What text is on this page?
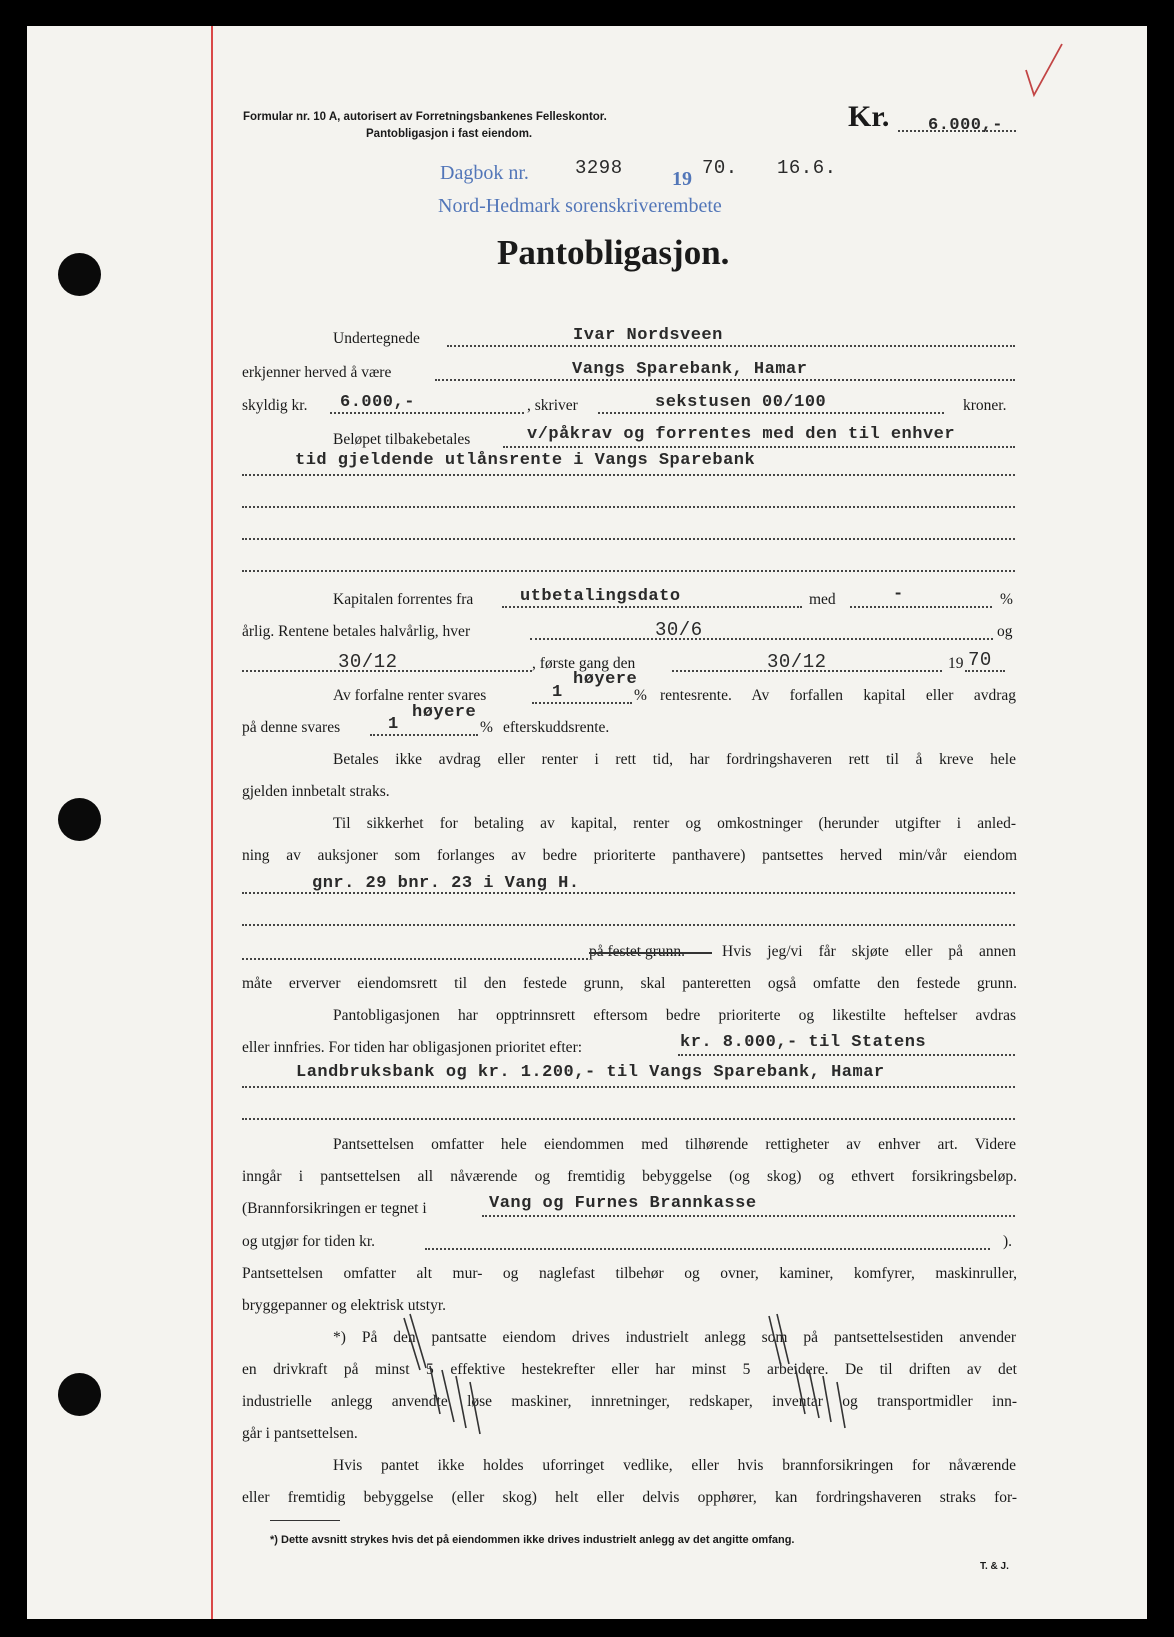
Formular nr. 10 A, autorisert av Forretningsbankenes Felleskontor.
Pantobligasjon i fast eiendom.
Kr. 6.000,-
Dagbok nr. 3298 19 70. 16.6.
Nord-Hedmark sorenskriverembete
Pantobligasjon.
Undertegnede	Ivar Nordsveen
erkjenner herved å være	Vangs Sparebank, Hamar
skyldig kr. 6.000,-	, skriver	sekstusen 00/100	kroner.
Beløpet tilbakebetales	v/påkrav og forrentes med den til enhver
tid gjeldende utlånsrente i Vangs Sparebank
Kapitalen forrentes fra	utbetalingsdato	med	-	%
årlig. Rentene betales halvårlig, hver	30/6	og
30/12	, første gang den	30/12	19 70
Av forfalne renter svares	1
høyere
% rentesrente. Av forfallen kapital eller avdrag
på denne svares	1
høyere
% efterskuddsrente.
Betales ikke avdrag eller renter i rett tid, har fordringshaveren rett til å kreve hele
gjelden innbetalt straks.
Til sikkerhet for betaling av kapital, renter og omkostninger (herunder utgifter i anled-
ning av auksjoner som forlanges av bedre prioriterte panthavere) pantsettes herved min/vår eiendom
gnr. 29 bnr. 23 i Vang H.
Hvis jeg/vi får skjøte eller på annen
måte erverver eiendomsrett til den festede grunn, skal panteretten også omfatte den festede grunn.
Pantobligasjonen har opptrinnsrett eftersom bedre prioriterte og likestilte heftelser avdras
eller innfries. For tiden har obligasjonen prioritet efter:	kr. 8.000,- til Statens
Landbruksbank og kr. 1.200,- til Vangs Sparebank, Hamar
Pantsettelsen omfatter hele eiendommen med tilhørende rettigheter av enhver art. Videre
inngår i pantsettelsen all nåværende og fremtidig bebyggelse (og skog) og ethvert forsikringsbeløp.
(Brannforsikringen er tegnet i	Vang og Furnes Brannkasse
og utgjør for tiden kr.	).
Pantsettelsen omfatter alt mur- og naglefast tilbehør og ovner, kaminer, komfyrer, maskinruller,
bryggepanner og elektrisk utstyr.
*) På den pantsatte eiendom drives industrielt anlegg som på pantsettelsestiden anvender
en drivkraft på minst 5 effektive hestekrefter eller har minst 5 arbeidere. De til driften av det
industrielle anlegg anvendte løse maskiner, innretninger, redskaper, inventar og transportmidler inn-
går i pantsettelsen.
Hvis pantet ikke holdes uforringet vedlike, eller hvis brannforsikringen for nåværende
eller fremtidig bebyggelse (eller skog) helt eller delvis opphører, kan fordringshaveren straks for-
*) Dette avsnitt strykes hvis det på eiendommen ikke drives industrielt anlegg av det angitte omfang.
T. & J.
